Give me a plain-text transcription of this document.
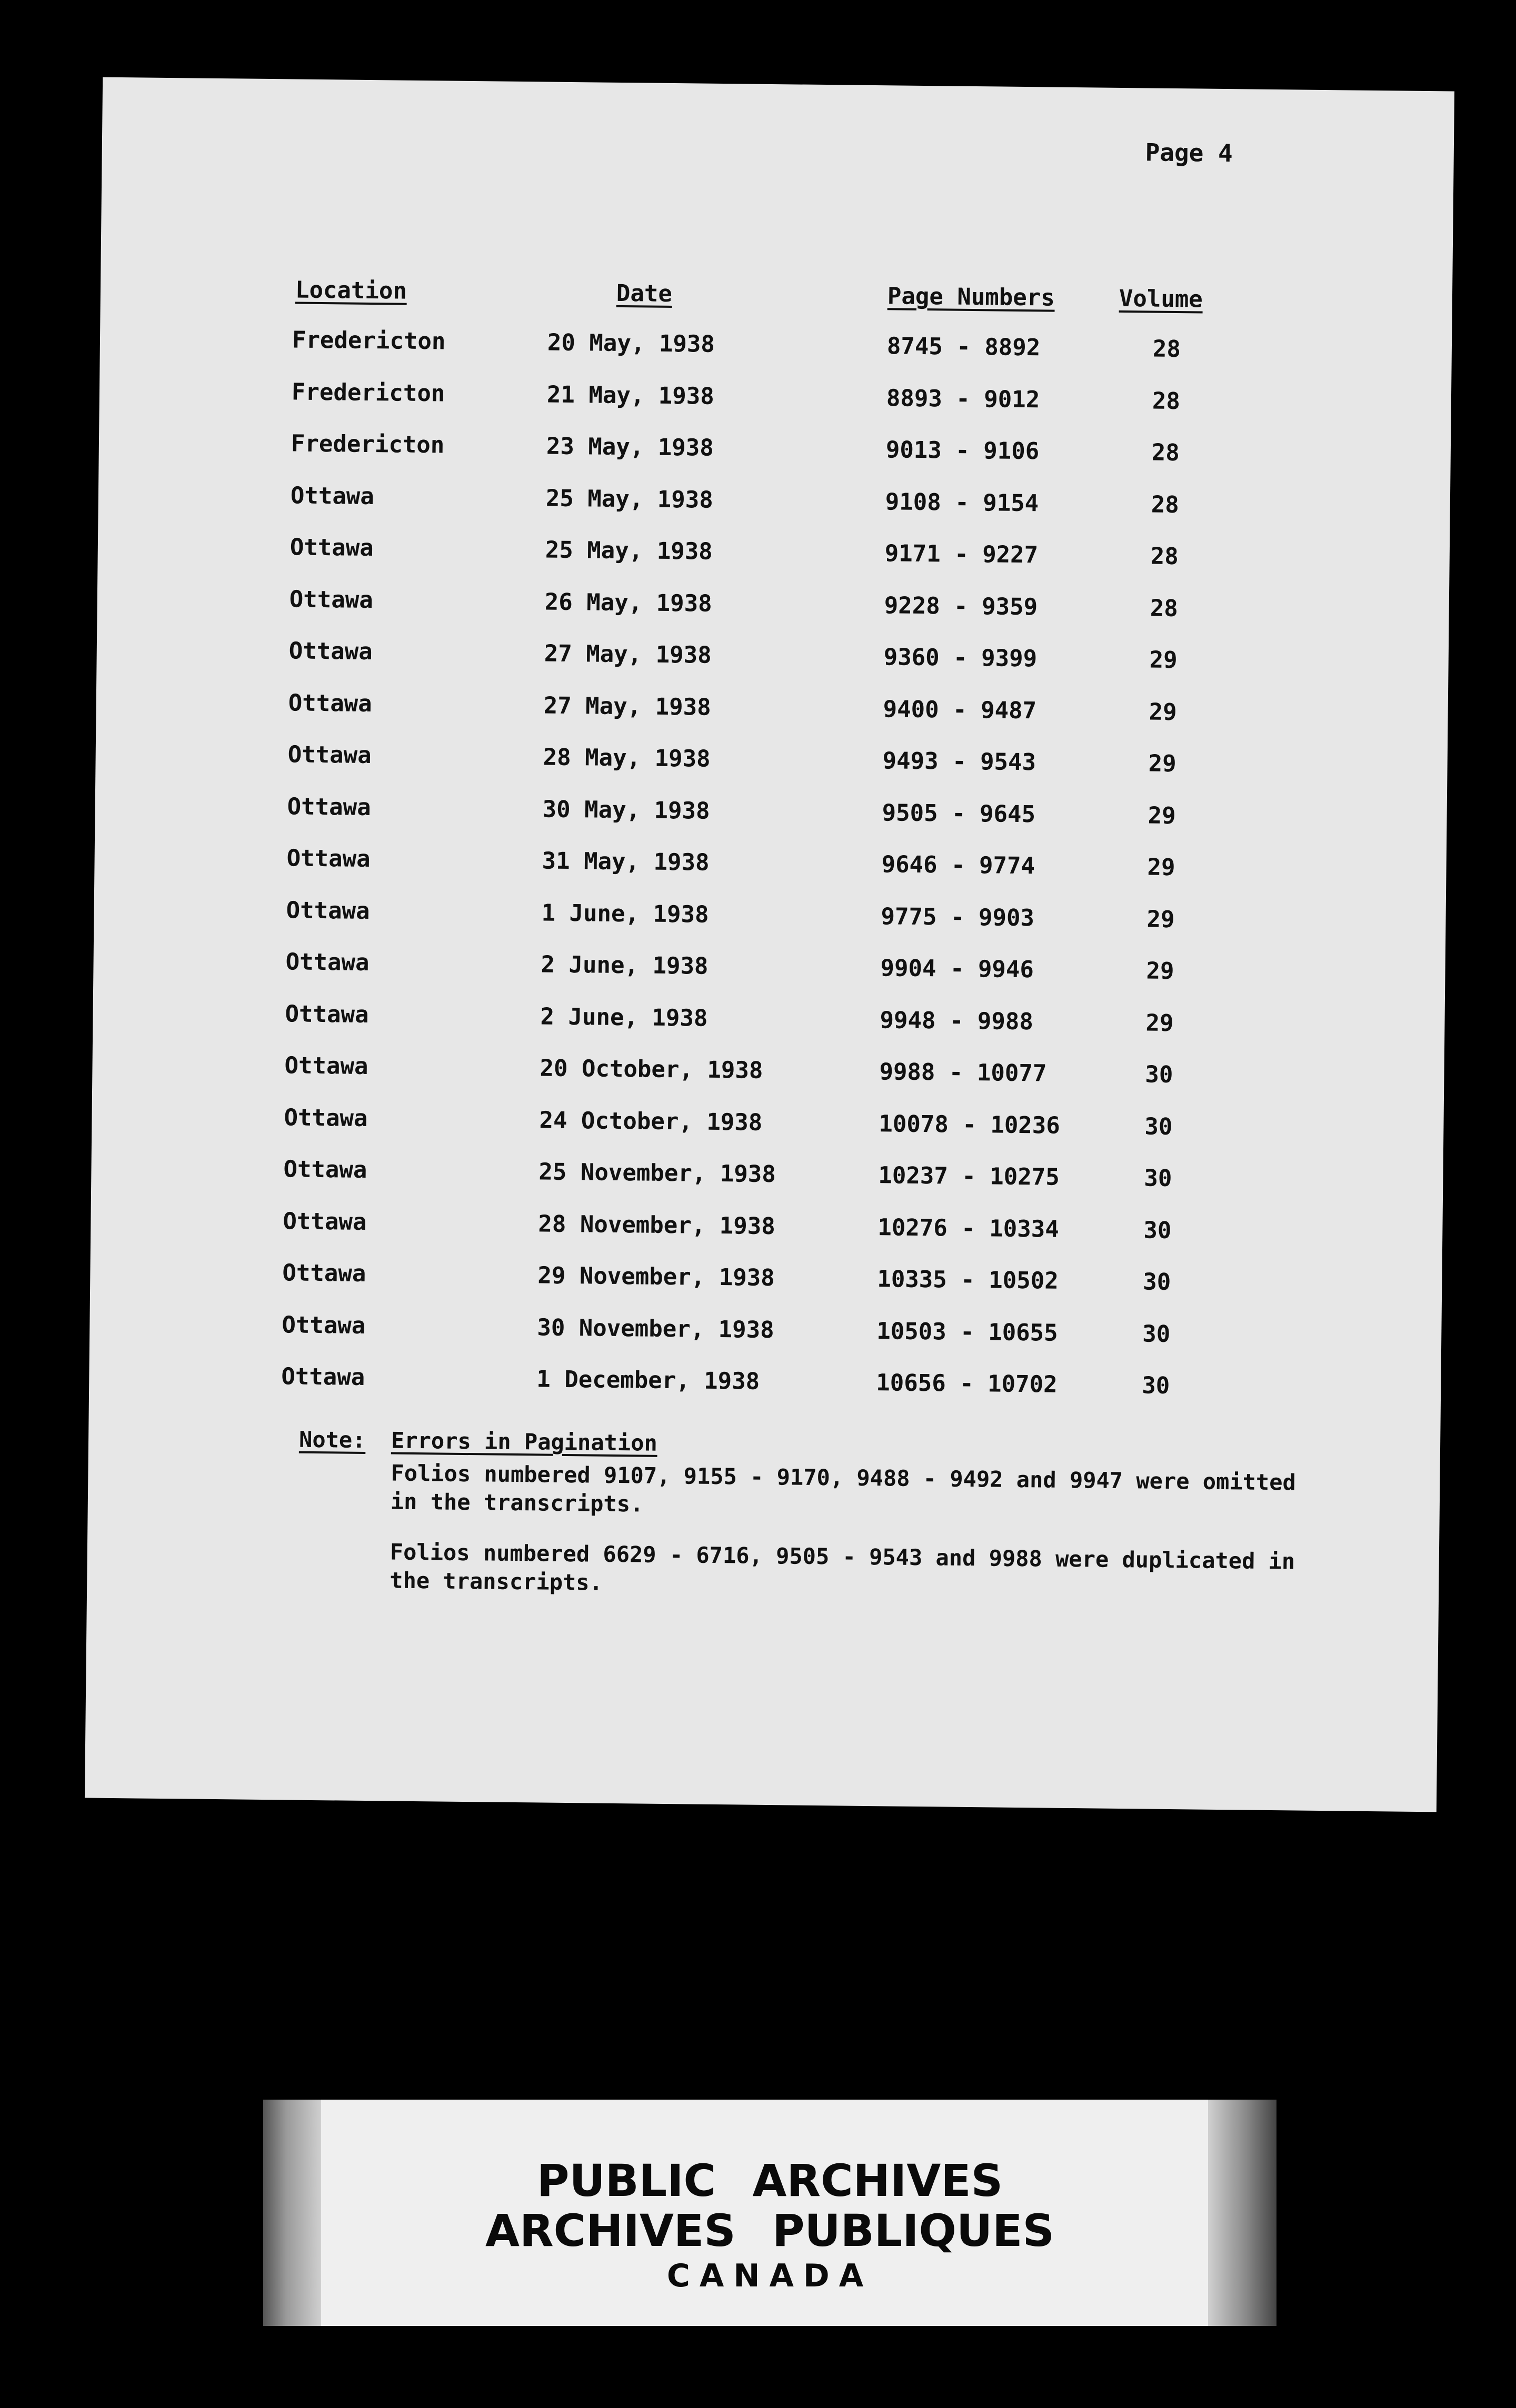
Page 4
Location	Date	Page Numbers	Volume
Fredericton	20 May, 1938	8745 - 8892	28
Fredericton	21 May, 1938	8893 - 9012	28
Fredericton	23 May, 1938	9013 - 9106	28
Ottawa	25 May, 1938	9108 - 9154	28
Ottawa	25 May, 1938	9171 - 9227	28
Ottawa	26 May, 1938	9228 - 9359	28
Ottawa	27 May, 1938	9360 - 9399	29
Ottawa	27 May, 1938	9400 - 9487	29
Ottawa	28 May, 1938	9493 - 9543	29
Ottawa	30 May, 1938	9505 - 9645	29
Ottawa	31 May, 1938	9646 - 9774	29
Ottawa	1 June, 1938	9775 - 9903	29
Ottawa	2 June, 1938	9904 - 9946	29
Ottawa	2 June, 1938	9948 - 9988	29
Ottawa	20 October, 1938	9988 - 10077	30
Ottawa	24 October, 1938	10078 - 10236	30
Ottawa	25 November, 1938	10237 - 10275	30
Ottawa	28 November, 1938	10276 - 10334	30
Ottawa	29 November, 1938	10335 - 10502	30
Ottawa	30 November, 1938	10503 - 10655	30
Ottawa	1 December, 1938	10656 - 10702	30
Note: Errors in Pagination
Folios numbered 9107, 9155 - 9170, 9488 - 9492 and 9947 were omitted in the transcripts.
Folios numbered 6629 - 6716, 9505 - 9543 and 9988 were duplicated in the transcripts.
PUBLIC ARCHIVES
ARCHIVES PUBLIQUES
CANADA
